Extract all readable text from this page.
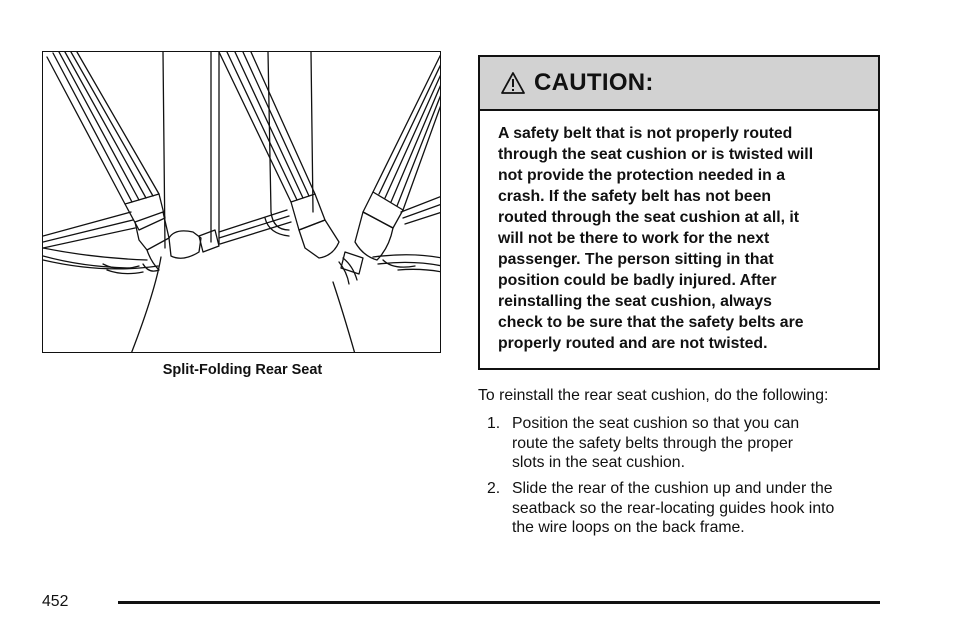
Split-Folding Rear Seat
CAUTION:
A safety belt that is not properly routed
through the seat cushion or is twisted will
not provide the protection needed in a
crash. If the safety belt has not been
routed through the seat cushion at all, it
will not be there to work for the next
passenger. The person sitting in that
position could be badly injured. After
reinstalling the seat cushion, always
check to be sure that the safety belts are
properly routed and are not twisted.
To reinstall the rear seat cushion, do the following:
1. Position the seat cushion so that you can
route the safety belts through the proper
slots in the seat cushion.
2. Slide the rear of the cushion up and under the
seatback so the rear-locating guides hook into
the wire loops on the back frame.
452
